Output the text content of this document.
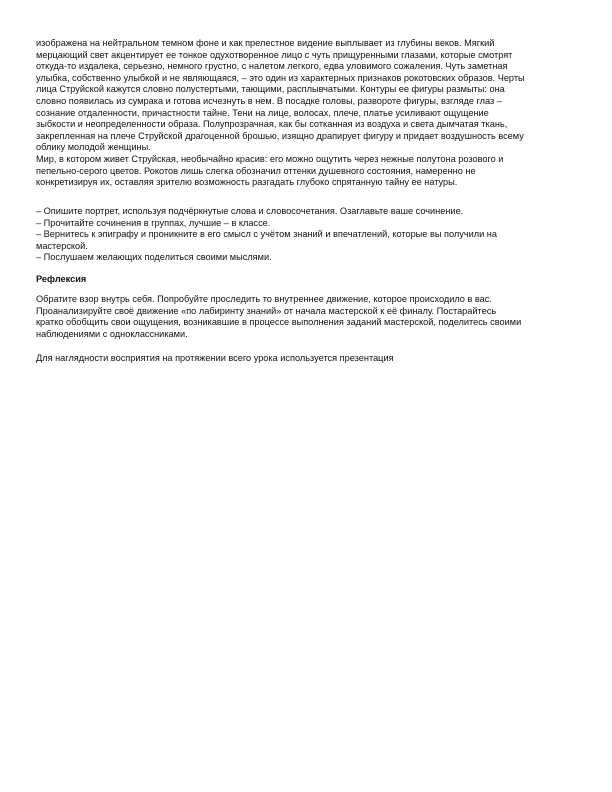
изображена на нейтральном темном фоне и как прелестное видение выплывает из глубины веков. Мягкий
мерцающий свет акцентирует ее тонкое одухотворенное лицо с чуть прищуренными глазами, которые смотрят
откуда-то издалека, серьезно, немного грустно, с налетом легкого, едва уловимого сожаления. Чуть заметная
улыбка, собственно улыбкой и не являющаяся, – это один из характерных признаков рокотовских образов. Черты
лица Струйской кажутся словно полустертыми, тающими, расплывчатыми. Контуры ее фигуры размыты: она
словно появилась из сумрака и готова исчезнуть в нем. В посадке головы, развороте фигуры, взгляде глаз –
сознание отдаленности, причастности тайне. Тени на лице, волосах, плече, платье усиливают ощущение
зыбкости и неопределенности образа. Полупрозрачная, как бы сотканная из воздуха и света дымчатая ткань,
закрепленная на плече Струйской драгоценной брошью, изящно драпирует фигуру и придает воздушность всему
облику молодой женщины.
Мир, в котором живет Струйская, необычайно красив: его можно ощутить через нежные полутона розового и
пепельно-серого цветов. Рокотов лишь слегка обозначил оттенки душевного состояния, намеренно не
конкретизируя их, оставляя зрителю возможность разгадать глубоко спрятанную тайну ее натуры.
– Опишите портрет, используя подчёркнутые слова и словосочетания. Озаглавьте ваше сочинение.
– Прочитайте сочинения в группах, лучшие – в классе.
– Вернитесь к эпиграфу и проникните в его смысл с учётом знаний и впечатлений, которые вы получили на
мастерской.
– Послушаем желающих поделиться своими мыслями.
Рефлексия
Обратите взор внутрь себя. Попробуйте проследить то внутреннее движение, которое происходило в вас.
Проанализируйте своё движение «по лабиринту знаний» от начала мастерской к её финалу. Постарайтесь
кратко обобщить свои ощущения, возникавшие в процессе выполнения заданий мастерской, поделитесь своими
наблюдениями с одноклассниками.
Для наглядности восприятия на протяжении всего урока используется презентация
